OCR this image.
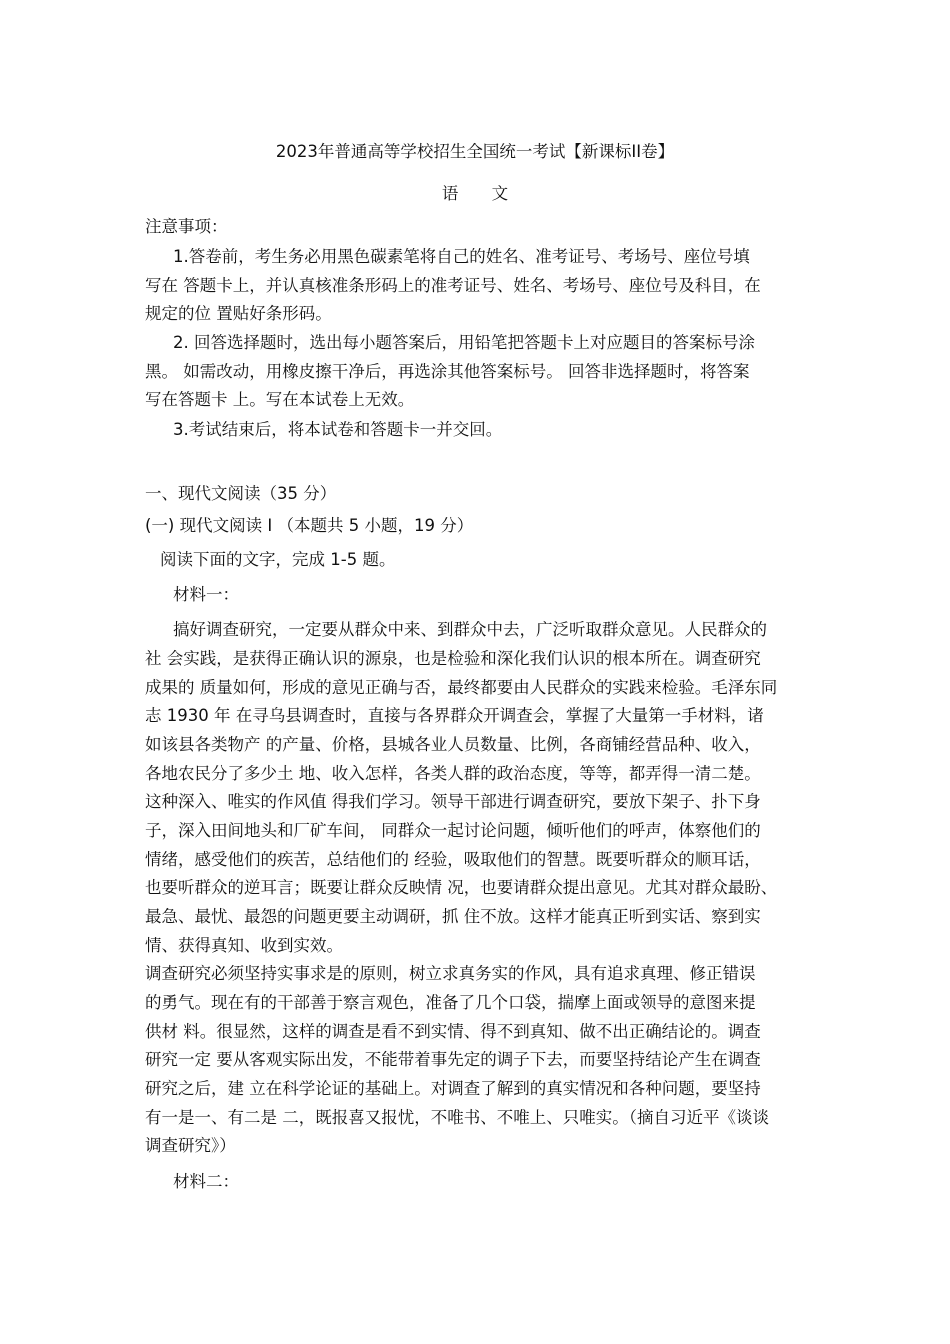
2023年普通高等学校招生全国统一考试【新课标II卷】
语 文
注意事项：
1.答卷前，考生务必用黑色碳素笔将自己的姓名、准考证号、考场号、座位号填
写在 答题卡上，并认真核准条形码上的准考证号、姓名、考场号、座位号及科目，在
规定的位 置贴好条形码。
2. 回答选择题时，选出每小题答案后，用铅笔把答题卡上对应题目的答案标号涂
黑。 如需改动，用橡皮擦干净后，再选涂其他答案标号。 回答非选择题时，将答案
写在答题卡 上。写在本试卷上无效。
3.考试结束后，将本试卷和答题卡一并交回。
一、现代文阅读（35 分）
(一) 现代文阅读 I （本题共 5 小题，19 分）
阅读下面的文字，完成 1-5 题。
材料一：
搞好调查研究，一定要从群众中来、到群众中去，广泛听取群众意见。人民群众的
社 会实践，是获得正确认识的源泉，也是检验和深化我们认识的根本所在。调查研究
成果的 质量如何，形成的意见正确与否，最终都要由人民群众的实践来检验。毛泽东同
志 1930 年 在寻乌县调查时，直接与各界群众开调查会，掌握了大量第一手材料，诸
如该县各类物产 的产量、价格，县城各业人员数量、比例，各商铺经营品种、收入，
各地农民分了多少土 地、收入怎样，各类人群的政治态度，等等，都弄得一清二楚。
这种深入、唯实的作风值 得我们学习。领导干部进行调查研究，要放下架子、扑下身
子，深入田间地头和厂矿车间， 同群众一起讨论问题，倾听他们的呼声，体察他们的
情绪，感受他们的疾苦，总结他们的 经验，吸取他们的智慧。既要听群众的顺耳话，
也要听群众的逆耳言；既要让群众反映情 况，也要请群众提出意见。尤其对群众最盼、
最急、最忧、最怨的问题更要主动调研，抓 住不放。这样才能真正听到实话、察到实
情、获得真知、收到实效。
调查研究必须坚持实事求是的原则，树立求真务实的作风，具有追求真理、修正错误
的勇气。现在有的干部善于察言观色，准备了几个口袋，揣摩上面或领导的意图来提
供材 料。很显然，这样的调查是看不到实情、得不到真知、做不出正确结论的。调查
研究一定 要从客观实际出发，不能带着事先定的调子下去，而要坚持结论产生在调查
研究之后，建 立在科学论证的基础上。对调查了解到的真实情况和各种问题，要坚持
有一是一、有二是 二，既报喜又报忧，不唯书、不唯上、只唯实。（摘自习近平《谈谈
调查研究》）
材料二：
